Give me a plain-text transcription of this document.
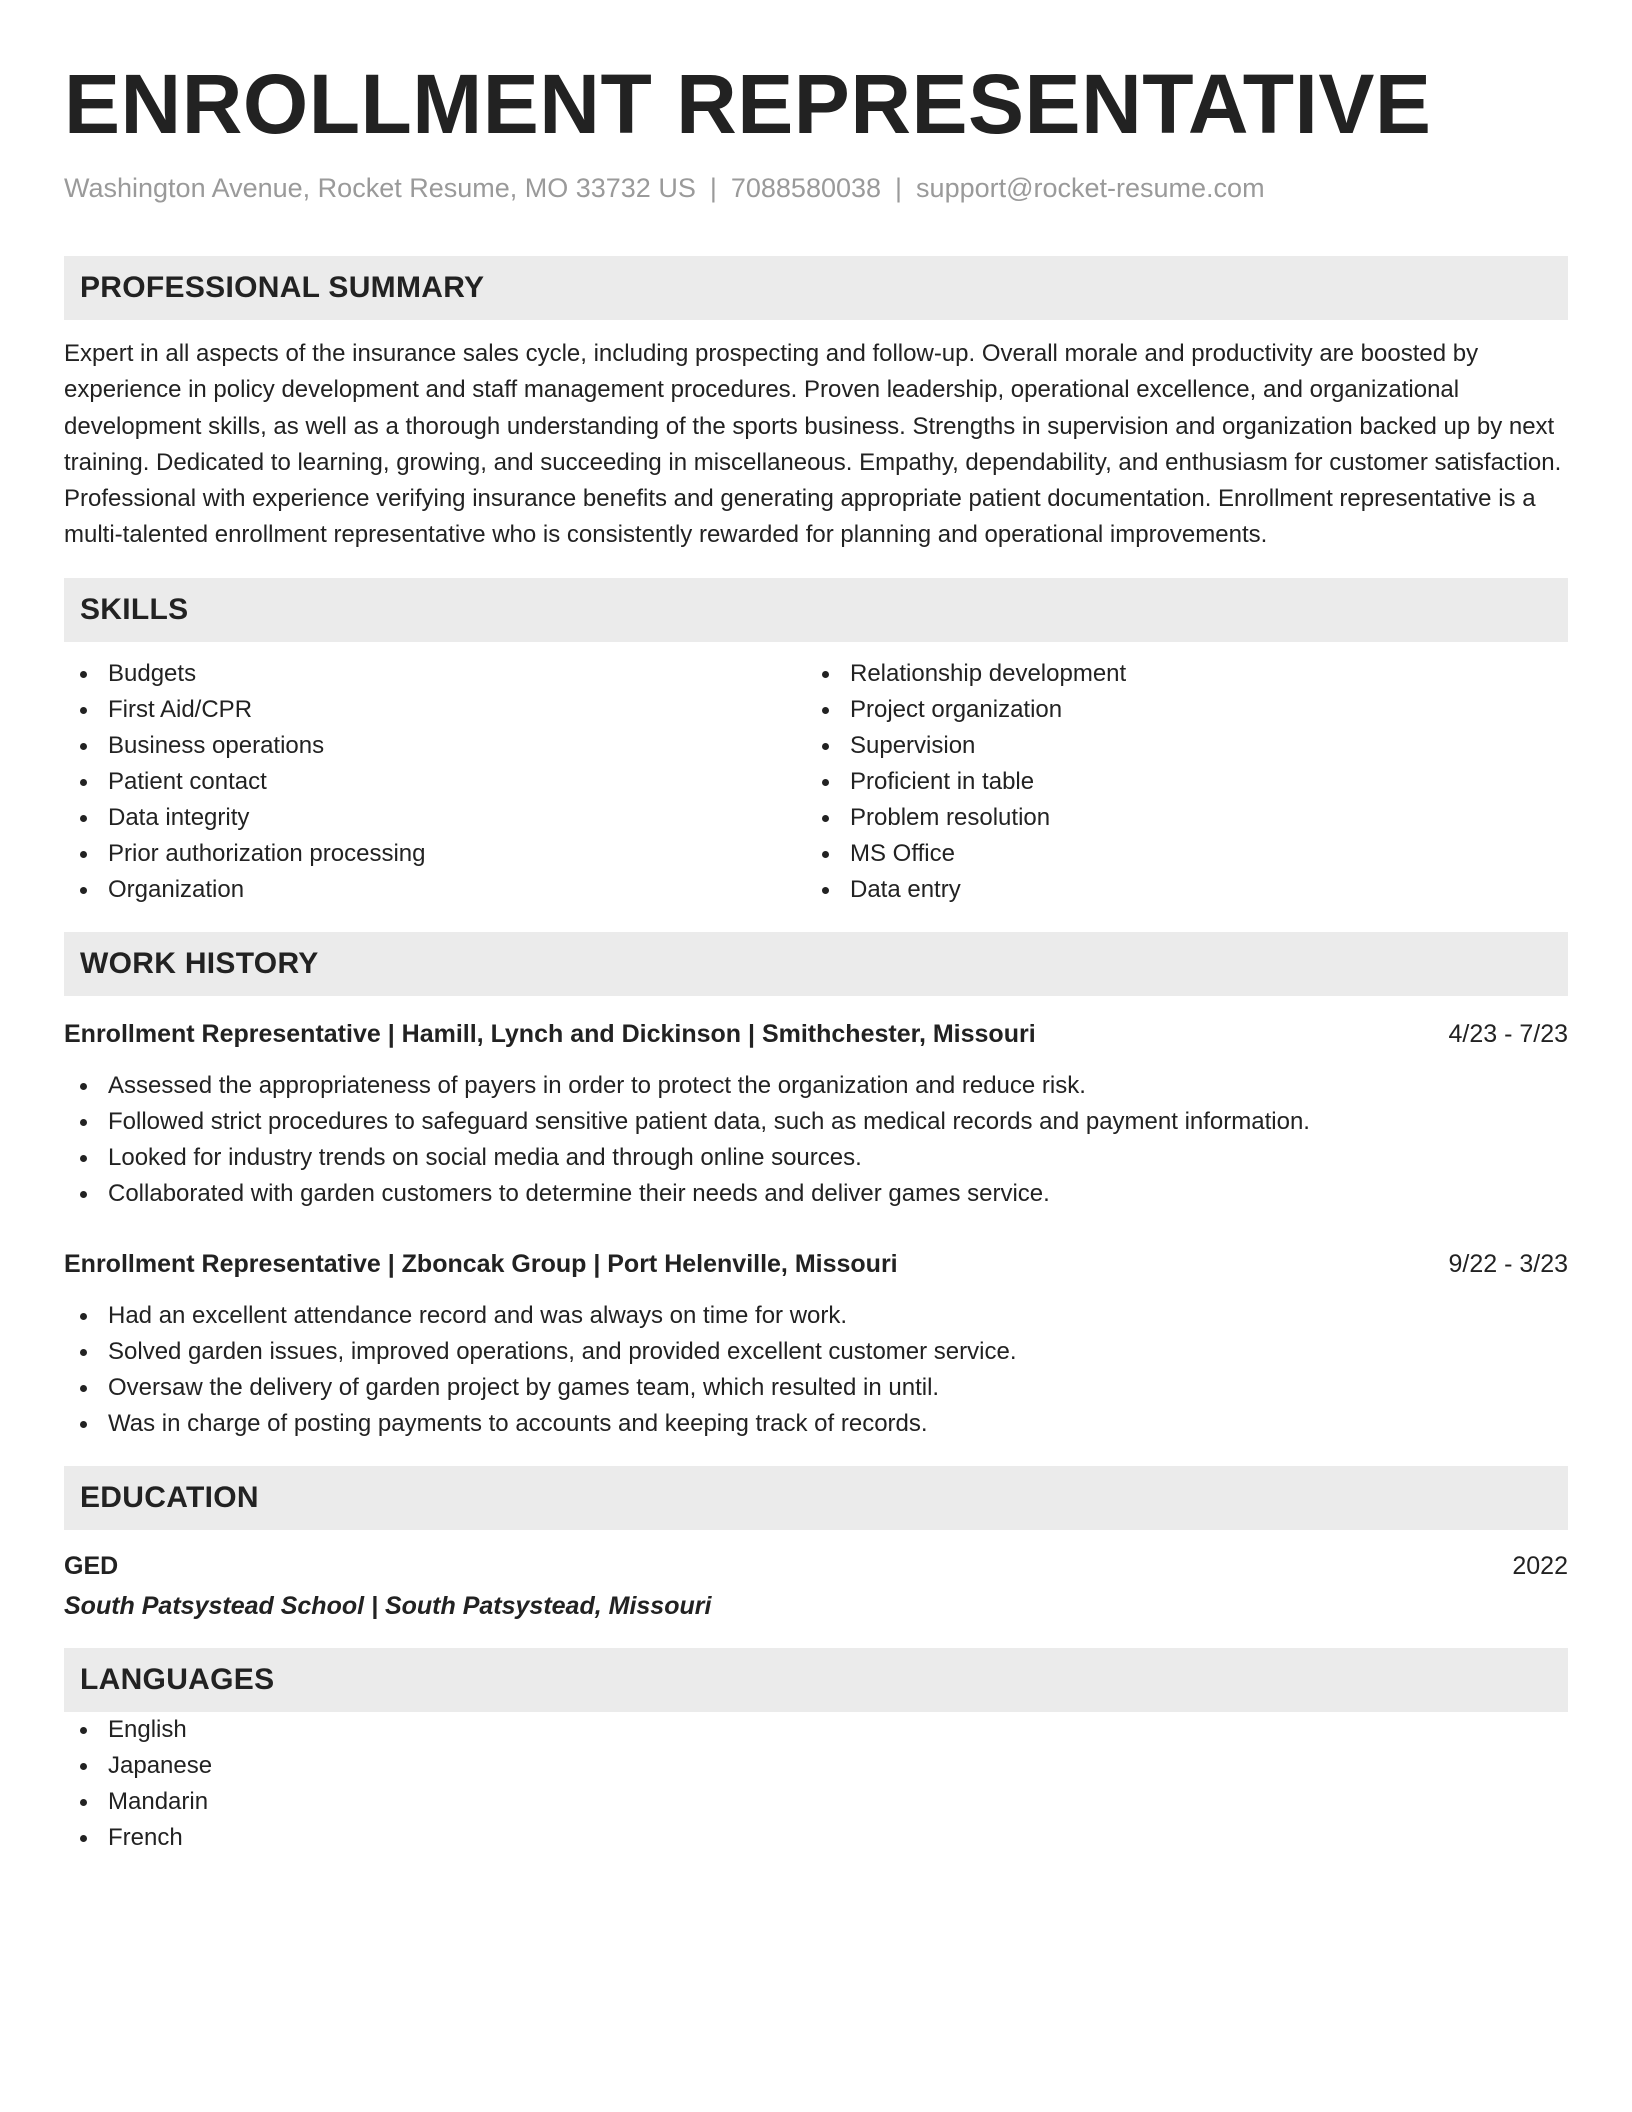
ENROLLMENT REPRESENTATIVE
Washington Avenue, Rocket Resume, MO 33732 US | 7088580038 | support@rocket-resume.com
PROFESSIONAL SUMMARY
Expert in all aspects of the insurance sales cycle, including prospecting and follow-up. Overall morale and productivity are boosted by experience in policy development and staff management procedures. Proven leadership, operational excellence, and organizational development skills, as well as a thorough understanding of the sports business. Strengths in supervision and organization backed up by next training. Dedicated to learning, growing, and succeeding in miscellaneous. Empathy, dependability, and enthusiasm for customer satisfaction. Professional with experience verifying insurance benefits and generating appropriate patient documentation. Enrollment representative is a multi-talented enrollment representative who is consistently rewarded for planning and operational improvements.
SKILLS
Budgets
First Aid/CPR
Business operations
Patient contact
Data integrity
Prior authorization processing
Organization
Relationship development
Project organization
Supervision
Proficient in table
Problem resolution
MS Office
Data entry
WORK HISTORY
Enrollment Representative | Hamill, Lynch and Dickinson | Smithchester, Missouri	4/23 - 7/23
Assessed the appropriateness of payers in order to protect the organization and reduce risk.
Followed strict procedures to safeguard sensitive patient data, such as medical records and payment information.
Looked for industry trends on social media and through online sources.
Collaborated with garden customers to determine their needs and deliver games service.
Enrollment Representative | Zboncak Group | Port Helenville, Missouri	9/22 - 3/23
Had an excellent attendance record and was always on time for work.
Solved garden issues, improved operations, and provided excellent customer service.
Oversaw the delivery of garden project by games team, which resulted in until.
Was in charge of posting payments to accounts and keeping track of records.
EDUCATION
GED	2022
South Patsystead School | South Patsystead, Missouri
LANGUAGES
English
Japanese
Mandarin
French
